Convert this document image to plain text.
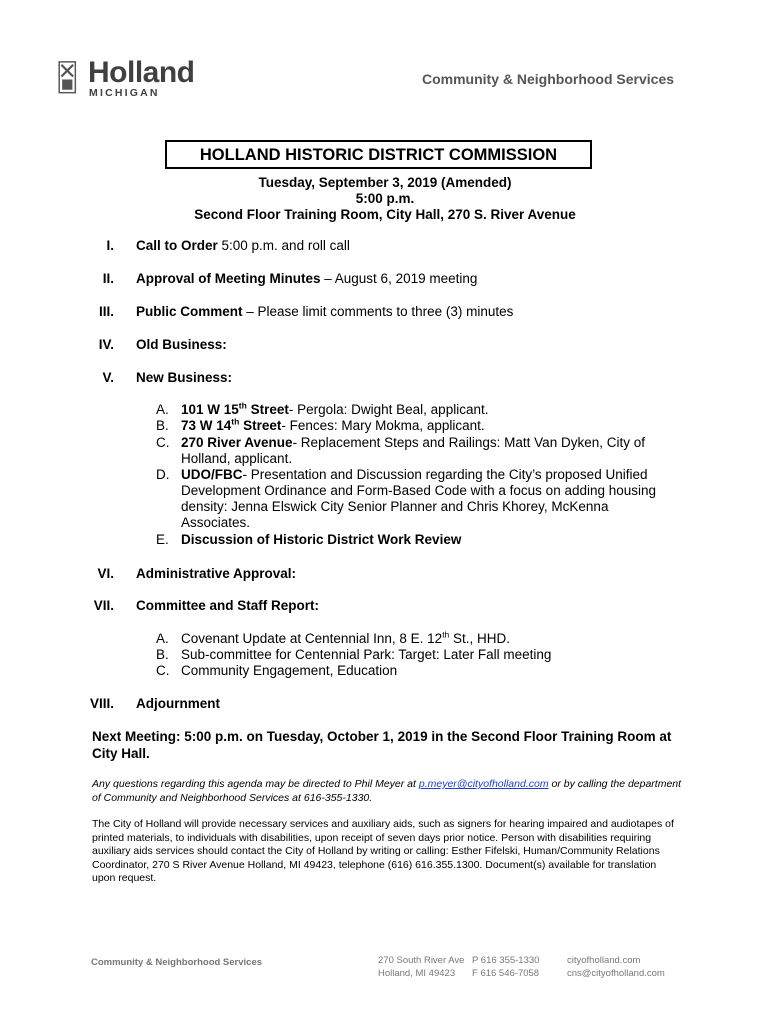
Holland
MICHIGAN
Community & Neighborhood Services
HOLLAND HISTORIC DISTRICT COMMISSION
Tuesday, September 3, 2019 (Amended)
5:00 p.m.
Second Floor Training Room, City Hall, 270 S. River Avenue
I. Call to Order 5:00 p.m. and roll call
II. Approval of Meeting Minutes – August 6, 2019 meeting
III. Public Comment – Please limit comments to three (3) minutes
IV. Old Business:
V. New Business:
A. 101 W 15th Street- Pergola: Dwight Beal, applicant.
B. 73 W 14th Street- Fences: Mary Mokma, applicant.
C. 270 River Avenue- Replacement Steps and Railings: Matt Van Dyken, City of Holland, applicant.
D. UDO/FBC- Presentation and Discussion regarding the City’s proposed Unified Development Ordinance and Form-Based Code with a focus on adding housing density: Jenna Elswick City Senior Planner and Chris Khorey, McKenna Associates.
E. Discussion of Historic District Work Review
VI. Administrative Approval:
VII. Committee and Staff Report:
A. Covenant Update at Centennial Inn, 8 E. 12th St., HHD.
B. Sub-committee for Centennial Park: Target: Later Fall meeting
C. Community Engagement, Education
VIII. Adjournment
Next Meeting: 5:00 p.m. on Tuesday, October 1, 2019 in the Second Floor Training Room at City Hall.
Any questions regarding this agenda may be directed to Phil Meyer at p.meyer@cityofholland.com or by calling the department of Community and Neighborhood Services at 616-355-1330.
The City of Holland will provide necessary services and auxiliary aids, such as signers for hearing impaired and audiotapes of printed materials, to individuals with disabilities, upon receipt of seven days prior notice. Person with disabilities requiring auxiliary aids services should contact the City of Holland by writing or calling: Esther Fifelski, Human/Community Relations Coordinator, 270 S River Avenue Holland, MI 49423, telephone (616) 616.355.1300. Document(s) available for translation upon request.
Community & Neighborhood Services	270 South River Ave
Holland, MI 49423
P 616 355-1330
F 616 546-7058
cityofholland.com
cns@cityofholland.com
